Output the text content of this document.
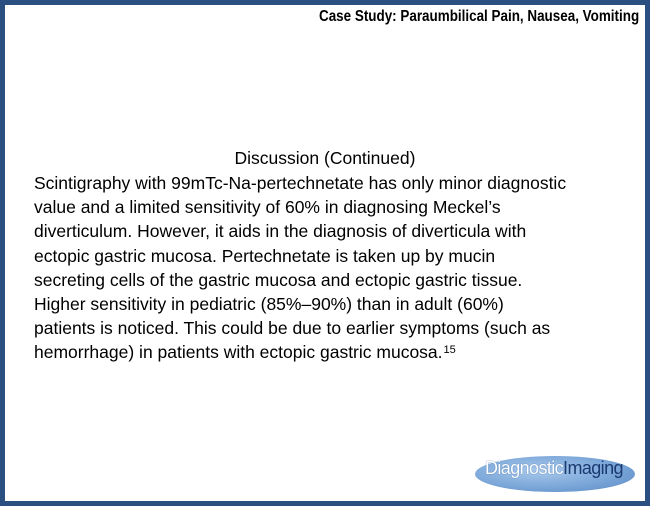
Case Study: Paraumbilical Pain, Nausea, Vomiting
Discussion (Continued)
Scintigraphy with 99mTc-Na-pertechnetate has only minor diagnostic
value and a limited sensitivity of 60% in diagnosing Meckel’s
diverticulum. However, it aids in the diagnosis of diverticula with
ectopic gastric mucosa. Pertechnetate is taken up by mucin
secreting cells of the gastric mucosa and ectopic gastric tissue.
Higher sensitivity in pediatric (85%–90%) than in adult (60%)
patients is noticed. This could be due to earlier symptoms (such as
hemorrhage) in patients with ectopic gastric mucosa.$^{15}$
DiagnosticImaging
